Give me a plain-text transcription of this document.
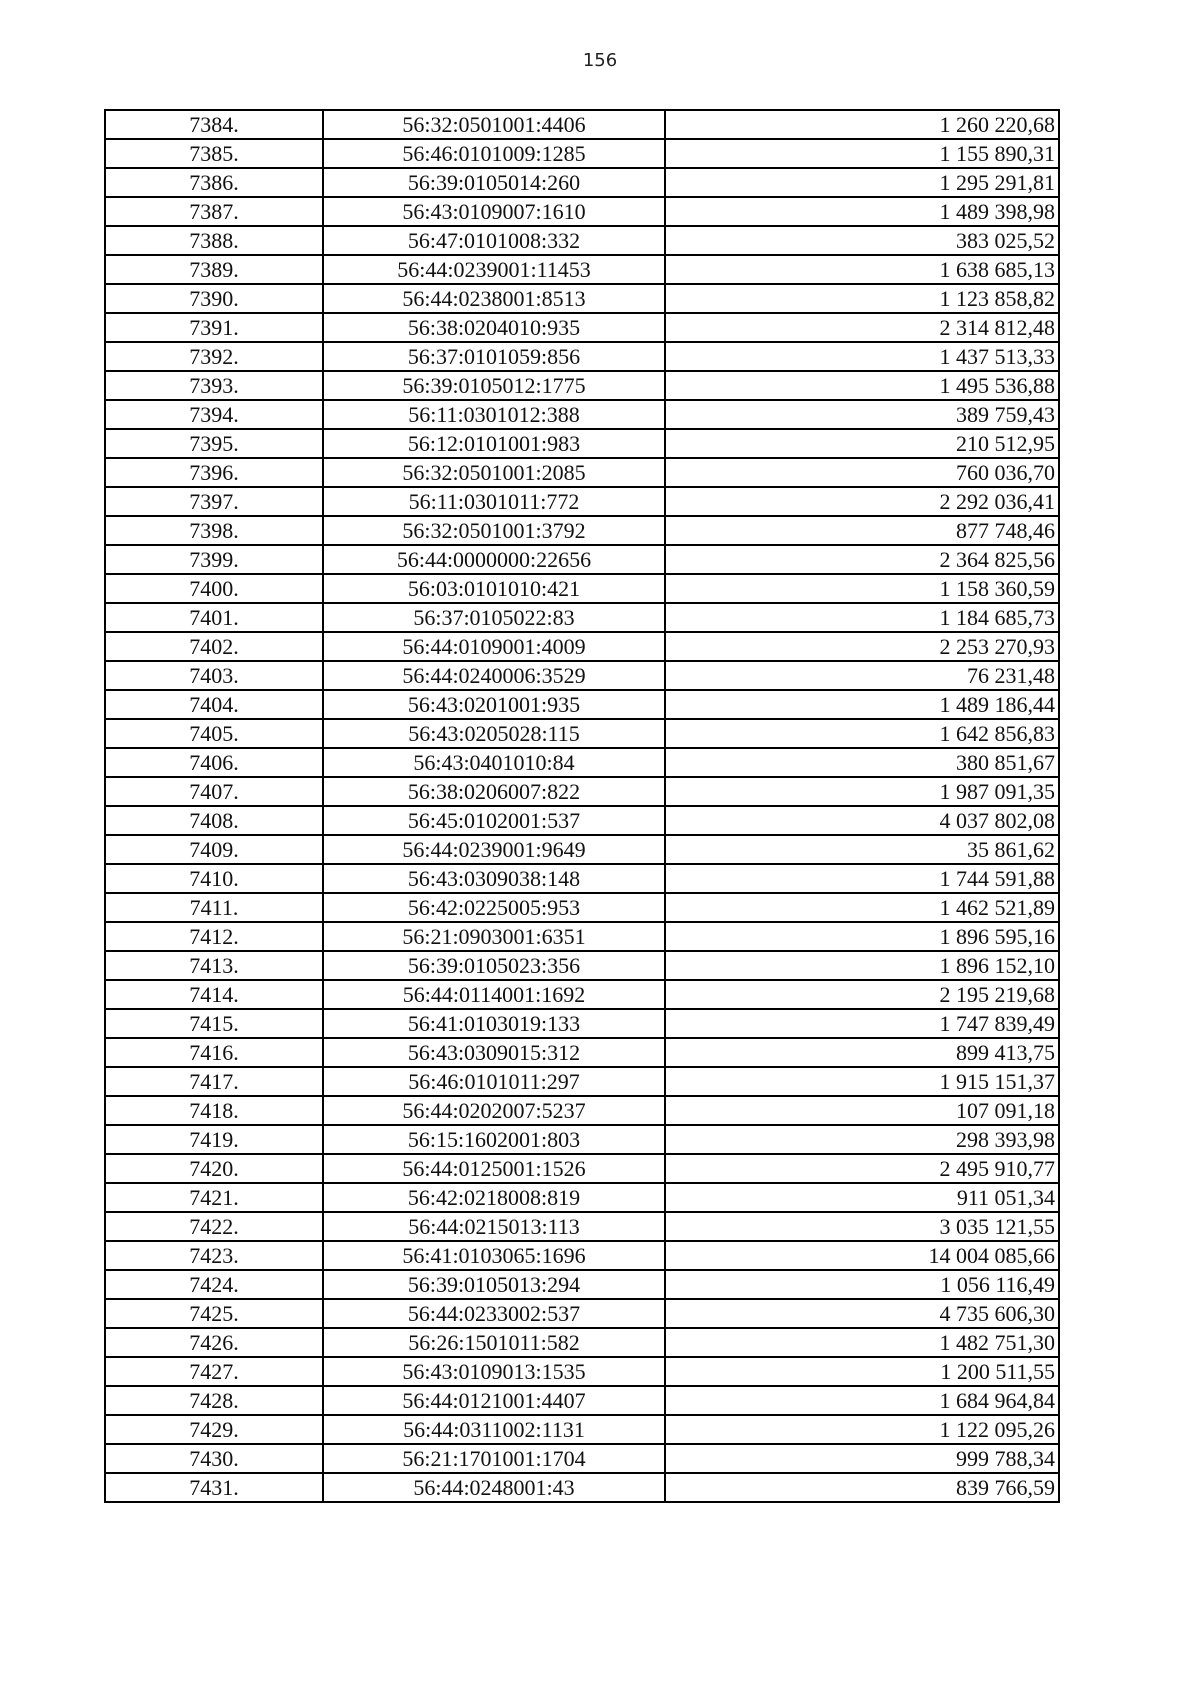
156
7384.	56:32:0501001:4406	1 260 220,68
7385.	56:46:0101009:1285	1 155 890,31
7386.	56:39:0105014:260	1 295 291,81
7387.	56:43:0109007:1610	1 489 398,98
7388.	56:47:0101008:332	383 025,52
7389.	56:44:0239001:11453	1 638 685,13
7390.	56:44:0238001:8513	1 123 858,82
7391.	56:38:0204010:935	2 314 812,48
7392.	56:37:0101059:856	1 437 513,33
7393.	56:39:0105012:1775	1 495 536,88
7394.	56:11:0301012:388	389 759,43
7395.	56:12:0101001:983	210 512,95
7396.	56:32:0501001:2085	760 036,70
7397.	56:11:0301011:772	2 292 036,41
7398.	56:32:0501001:3792	877 748,46
7399.	56:44:0000000:22656	2 364 825,56
7400.	56:03:0101010:421	1 158 360,59
7401.	56:37:0105022:83	1 184 685,73
7402.	56:44:0109001:4009	2 253 270,93
7403.	56:44:0240006:3529	76 231,48
7404.	56:43:0201001:935	1 489 186,44
7405.	56:43:0205028:115	1 642 856,83
7406.	56:43:0401010:84	380 851,67
7407.	56:38:0206007:822	1 987 091,35
7408.	56:45:0102001:537	4 037 802,08
7409.	56:44:0239001:9649	35 861,62
7410.	56:43:0309038:148	1 744 591,88
7411.	56:42:0225005:953	1 462 521,89
7412.	56:21:0903001:6351	1 896 595,16
7413.	56:39:0105023:356	1 896 152,10
7414.	56:44:0114001:1692	2 195 219,68
7415.	56:41:0103019:133	1 747 839,49
7416.	56:43:0309015:312	899 413,75
7417.	56:46:0101011:297	1 915 151,37
7418.	56:44:0202007:5237	107 091,18
7419.	56:15:1602001:803	298 393,98
7420.	56:44:0125001:1526	2 495 910,77
7421.	56:42:0218008:819	911 051,34
7422.	56:44:0215013:113	3 035 121,55
7423.	56:41:0103065:1696	14 004 085,66
7424.	56:39:0105013:294	1 056 116,49
7425.	56:44:0233002:537	4 735 606,30
7426.	56:26:1501011:582	1 482 751,30
7427.	56:43:0109013:1535	1 200 511,55
7428.	56:44:0121001:4407	1 684 964,84
7429.	56:44:0311002:1131	1 122 095,26
7430.	56:21:1701001:1704	999 788,34
7431.	56:44:0248001:43	839 766,59
